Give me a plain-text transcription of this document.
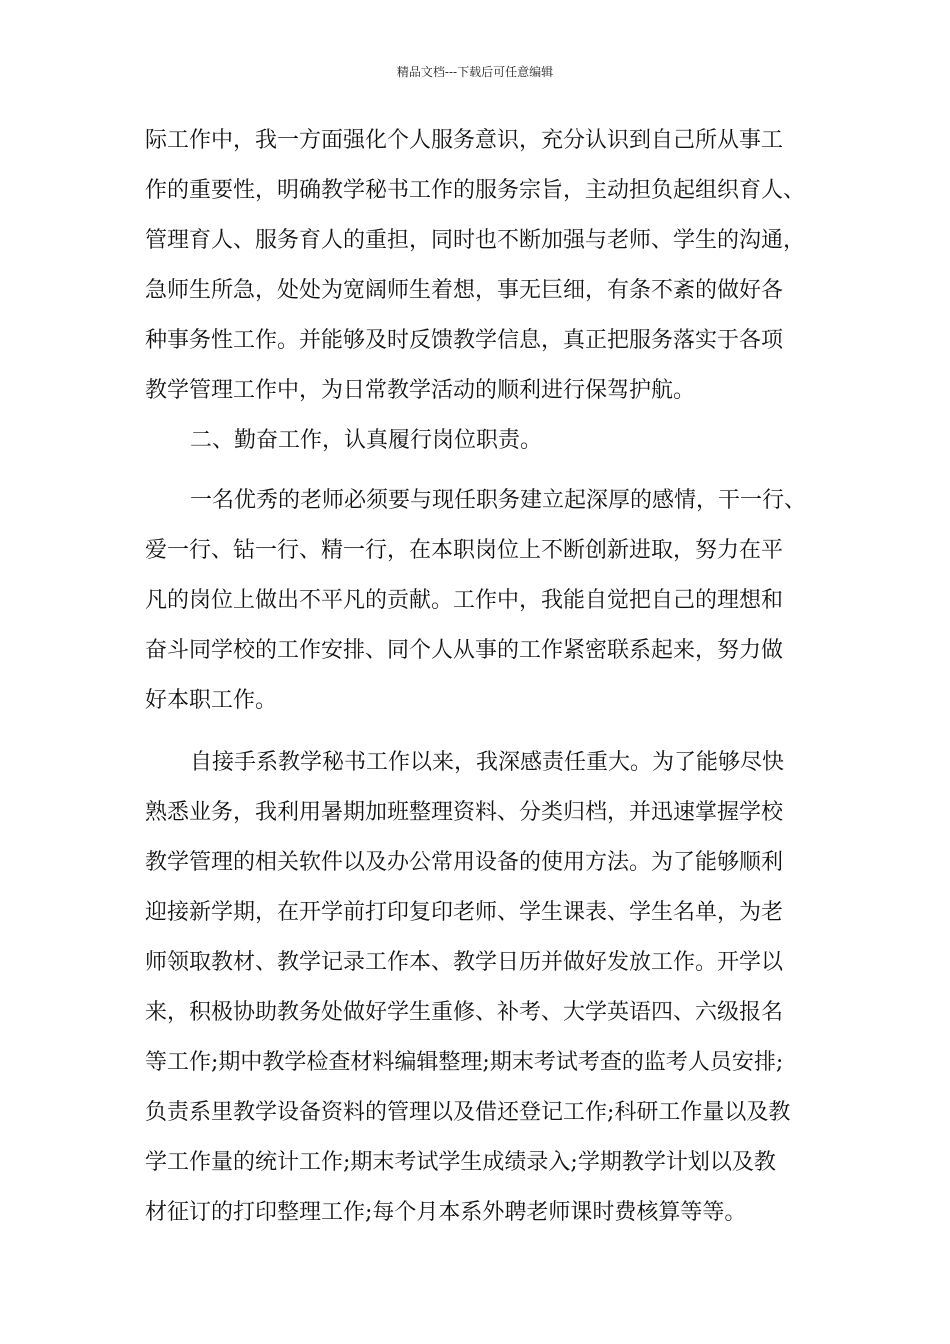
精品文档---下载后可任意编辑
际工作中，我一方面强化个人服务意识，充分认识到自己所从事工
作的重要性，明确教学秘书工作的服务宗旨，主动担负起组织育人、
管理育人、服务育人的重担，同时也不断加强与老师、学生的沟通，
急师生所急，处处为宽阔师生着想，事无巨细，有条不紊的做好各
种事务性工作。并能够及时反馈教学信息，真正把服务落实于各项
教学管理工作中，为日常教学活动的顺利进行保驾护航。
二、勤奋工作，认真履行岗位职责。
一名优秀的老师必须要与现任职务建立起深厚的感情，干一行、
爱一行、钻一行、精一行，在本职岗位上不断创新进取，努力在平
凡的岗位上做出不平凡的贡献。工作中，我能自觉把自己的理想和
奋斗同学校的工作安排、同个人从事的工作紧密联系起来，努力做
好本职工作。
自接手系教学秘书工作以来，我深感责任重大。为了能够尽快
熟悉业务，我利用暑期加班整理资料、分类归档，并迅速掌握学校
教学管理的相关软件以及办公常用设备的使用方法。为了能够顺利
迎接新学期，在开学前打印复印老师、学生课表、学生名单，为老
师领取教材、教学记录工作本、教学日历并做好发放工作。开学以
来，积极协助教务处做好学生重修、补考、大学英语四、六级报名
等工作;期中教学检查材料编辑整理;期末考试考查的监考人员安排;
负责系里教学设备资料的管理以及借还登记工作;科研工作量以及教
学工作量的统计工作;期末考试学生成绩录入;学期教学计划以及教
材征订的打印整理工作;每个月本系外聘老师课时费核算等等。
